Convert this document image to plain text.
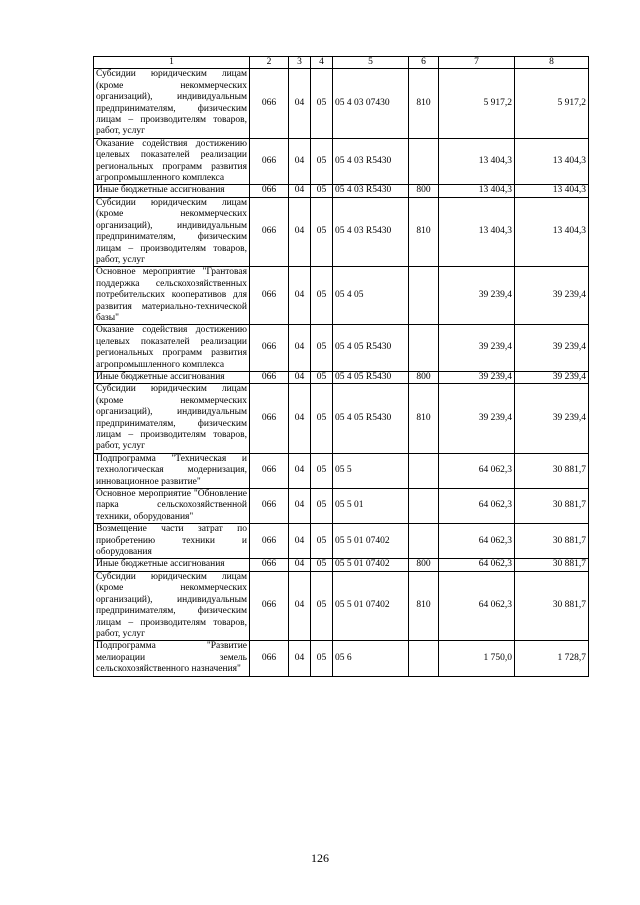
1	2	3	4	5	6	7	8
Субсидии юридическим лицам (кроме некоммерческих организаций), индивидуальным предпринимателям, физическим лицам – производителям товаров, работ, услуг	066	04	05	05 4 03 07430	810	5 917,2	5 917,2
Оказание содействия достижению целевых показателей реализации региональных программ развития агропромышленного комплекса	066	04	05	05 4 03 R5430		13 404,3	13 404,3
Иные бюджетные ассигнования	066	04	05	05 4 03 R5430	800	13 404,3	13 404,3
Субсидии юридическим лицам (кроме некоммерческих организаций), индивидуальным предпринимателям, физическим лицам – производителям товаров, работ, услуг	066	04	05	05 4 03 R5430	810	13 404,3	13 404,3
Основное мероприятие "Грантовая поддержка сельскохозяйственных потребительских кооперативов для развития материально-технической базы"	066	04	05	05 4 05		39 239,4	39 239,4
Оказание содействия достижению целевых показателей реализации региональных программ развития агропромышленного комплекса	066	04	05	05 4 05 R5430		39 239,4	39 239,4
Иные бюджетные ассигнования	066	04	05	05 4 05 R5430	800	39 239,4	39 239,4
Субсидии юридическим лицам (кроме некоммерческих организаций), индивидуальным предпринимателям, физическим лицам – производителям товаров, работ, услуг	066	04	05	05 4 05 R5430	810	39 239,4	39 239,4
Подпрограмма "Техническая и технологическая модернизация, инновационное развитие"	066	04	05	05 5		64 062,3	30 881,7
Основное мероприятие "Обновление парка сельскохозяйственной техники, оборудования"	066	04	05	05 5 01		64 062,3	30 881,7
Возмещение части затрат по приобретению техники и оборудования	066	04	05	05 5 01 07402		64 062,3	30 881,7
Иные бюджетные ассигнования	066	04	05	05 5 01 07402	800	64 062,3	30 881,7
Субсидии юридическим лицам (кроме некоммерческих организаций), индивидуальным предпринимателям, физическим лицам – производителям товаров, работ, услуг	066	04	05	05 5 01 07402	810	64 062,3	30 881,7
Подпрограмма "Развитие мелиорации земель сельскохозяйственного назначения"	066	04	05	05 6		1 750,0	1 728,7
126
